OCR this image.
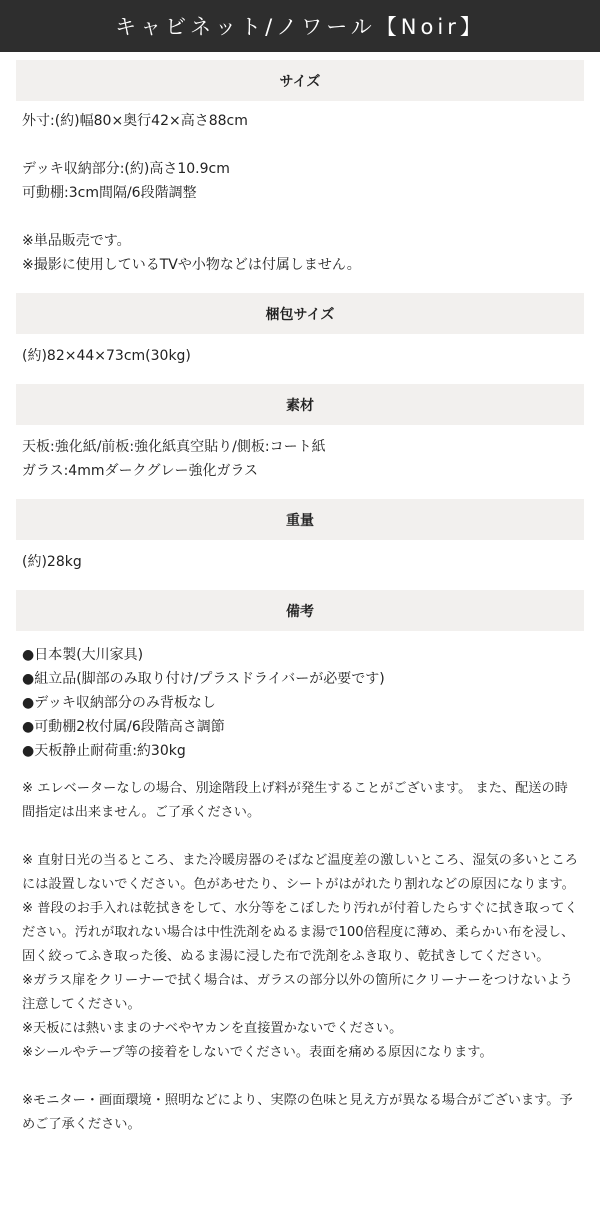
キャビネット/ノワール【Noir】
サイズ
外寸:(約)幅80×奥行42×高さ88cm
デッキ収納部分:(約)高さ10.9cm
可動棚:3cm間隔/6段階調整
※単品販売です。
※撮影に使用しているTVや小物などは付属しません。
梱包サイズ
(約)82×44×73cm(30kg)
素材
天板:強化紙/前板:強化紙真空貼り/側板:コート紙
ガラス:4mmダークグレー強化ガラス
重量
(約)28kg
備考
●日本製(大川家具)
●組立品(脚部のみ取り付け/プラスドライバーが必要です)
●デッキ収納部分のみ背板なし
●可動棚2枚付属/6段階高さ調節
●天板静止耐荷重:約30kg

※ エレベーターなしの場合、別途階段上げ料が発生することがございます。 また、配送の時間指定は出来ません。ご了承ください。

※ 直射日光の当るところ、また冷暖房器のそばなど温度差の激しいところ、湿気の多いところには設置しないでください。色があせたり、シートがはがれたり割れなどの原因になります。

※ 普段のお手入れは乾拭きをして、水分等をこぼしたり汚れが付着したらすぐに拭き取ってください。汚れが取れない場合は中性洗剤をぬるま湯で100倍程度に薄め、柔らかい布を浸し、固く絞ってふき取った後、ぬるま湯に浸した布で洗剤をふき取り、乾拭きしてください。

※ガラス扉をクリーナーで拭く場合は、ガラスの部分以外の箇所にクリーナーをつけないよう注意してください。

※天板には熱いままのナベやヤカンを直接置かないでください。

※シールやテープ等の接着をしないでください。表面を痛める原因になります。

※モニター・画面環境・照明などにより、実際の色味と見え方が異なる場合がございます。予めご了承ください。
